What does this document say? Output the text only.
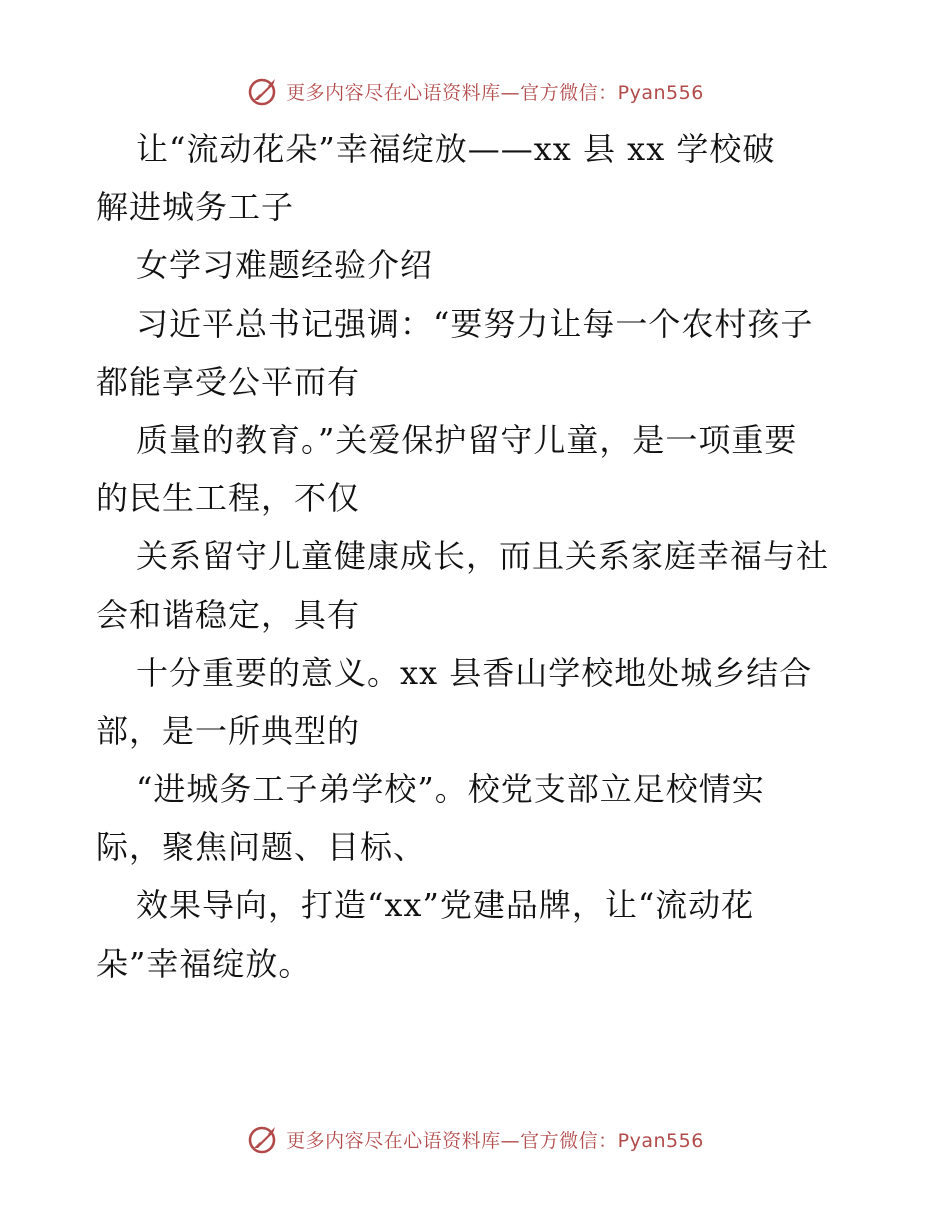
更多内容尽在心语资料库—官方微信：Pyan556
让“流动花朵”幸福绽放——xx 县 xx 学校破
解进城务工子
女学习难题经验介绍
习近平总书记强调：“要努力让每一个农村孩子
都能享受公平而有
质量的教育。”关爱保护留守儿童，是一项重要
的民生工程，不仅
关系留守儿童健康成长，而且关系家庭幸福与社
会和谐稳定，具有
十分重要的意义。xx 县香山学校地处城乡结合
部，是一所典型的
“进城务工子弟学校”。校党支部立足校情实
际，聚焦问题、目标、
效果导向，打造“xx”党建品牌，让“流动花
朵”幸福绽放。
更多内容尽在心语资料库—官方微信：Pyan556
